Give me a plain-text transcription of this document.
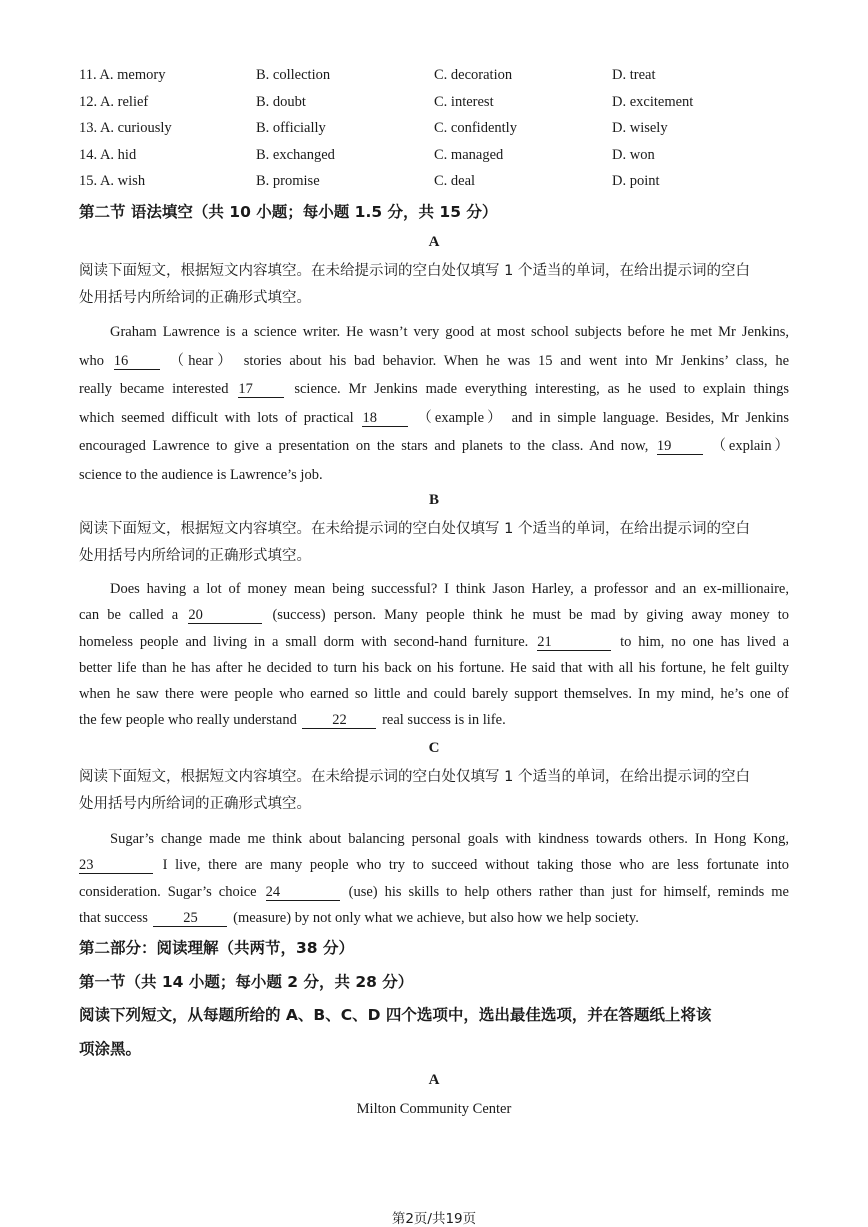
11. A. memory	B. collection	C. decoration	D. treat
12. A. relief	B. doubt	C. interest	D. excitement
13. A. curiously	B. officially	C. confidently	D. wisely
14. A. hid	B. exchanged	C. managed	D. won
15. A. wish	B. promise	C. deal	D. point
第二节 语法填空（共 10 小题；每小题 1.5 分，共 15 分）
A
阅读下面短文，根据短文内容填空。在未给提示词的空白处仅填写 1 个适当的单词，在给出提示词的空白
处用括号内所给词的正确形式填空。
Graham Lawrence is a science writer. He wasn’t very good at most school subjects before he met Mr Jenkins,
who 16	（hear） stories about his bad behavior. When he was 15 and went into Mr Jenkins’ class, he
really became interested 17	science. Mr Jenkins made everything interesting, as he used to explain things
which seemed difficult with lots of practical 18	（example） and in simple language. Besides, Mr Jenkins
encouraged Lawrence to give a presentation on the stars and planets to the class. And now, 19	（explain）
science to the audience is Lawrence’s job.
B
阅读下面短文，根据短文内容填空。在未给提示词的空白处仅填写 1 个适当的单词，在给出提示词的空白
处用括号内所给词的正确形式填空。
Does having a lot of money mean being successful? I think Jason Harley, a professor and an ex-millionaire,
can be called a 20	(success) person. Many people think he must be mad by giving away money to
homeless people and living in a small dorm with second-hand furniture. 21	to him, no one has lived a
better life than he has after he decided to turn his back on his fortune. He said that with all his fortune, he felt guilty
when he saw there were people who earned so little and could barely support themselves. In my mind, he’s one of
the few people who really understand 22 real success is in life.
C
阅读下面短文，根据短文内容填空。在未给提示词的空白处仅填写 1 个适当的单词，在给出提示词的空白
处用括号内所给词的正确形式填空。
Sugar’s change made me think about balancing personal goals with kindness towards others. In Hong Kong,
23	I live, there are many people who try to succeed without taking those who are less fortunate into
consideration. Sugar’s choice 24	(use) his skills to help others rather than just for himself, reminds me
that success 25 (measure) by not only what we achieve, but also how we help society.
第二部分：阅读理解（共两节，38 分）
第一节（共 14 小题；每小题 2 分，共 28 分）
阅读下列短文，从每题所给的 A、B、C、D 四个选项中，选出最佳选项，并在答题纸上将该
项涂黑。
A
Milton Community Center
第2页/共19页
